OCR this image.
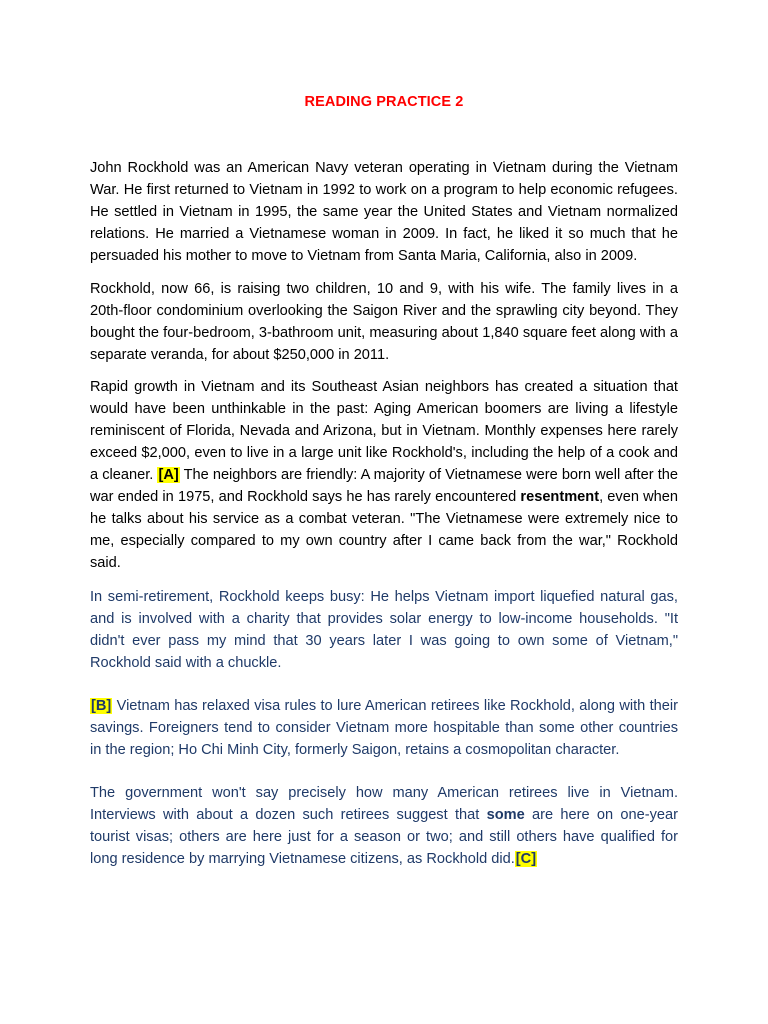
READING PRACTICE 2

John Rockhold was an American Navy veteran operating in Vietnam during the Vietnam War. He first returned to Vietnam in 1992 to work on a program to help economic refugees. He settled in Vietnam in 1995, the same year the United States and Vietnam normalized relations. He married a Vietnamese woman in 2009. In fact, he liked it so much that he persuaded his mother to move to Vietnam from Santa Maria, California, also in 2009.

Rockhold, now 66, is raising two children, 10 and 9, with his wife. The family lives in a 20th-floor condominium overlooking the Saigon River and the sprawling city beyond. They bought the four-bedroom, 3-bathroom unit, measuring about 1,840 square feet along with a separate veranda, for about $250,000 in 2011.

Rapid growth in Vietnam and its Southeast Asian neighbors has created a situation that would have been unthinkable in the past: Aging American boomers are living a lifestyle reminiscent of Florida, Nevada and Arizona, but in Vietnam. Monthly expenses here rarely exceed $2,000, even to live in a large unit like Rockhold's, including the help of a cook and a cleaner. [A] The neighbors are friendly: A majority of Vietnamese were born well after the war ended in 1975, and Rockhold says he has rarely encountered resentment, even when he talks about his service as a combat veteran. "The Vietnamese were extremely nice to me, especially compared to my own country after I came back from the war," Rockhold said.

In semi-retirement, Rockhold keeps busy: He helps Vietnam import liquefied natural gas, and is involved with a charity that provides solar energy to low-income households. "It didn't ever pass my mind that 30 years later I was going to own some of Vietnam," Rockhold said with a chuckle.

[B] Vietnam has relaxed visa rules to lure American retirees like Rockhold, along with their savings. Foreigners tend to consider Vietnam more hospitable than some other countries in the region; Ho Chi Minh City, formerly Saigon, retains a cosmopolitan character.

The government won't say precisely how many American retirees live in Vietnam. Interviews with about a dozen such retirees suggest that some are here on one-year tourist visas; others are here just for a season or two; and still others have qualified for long residence by marrying Vietnamese citizens, as Rockhold did.[C]
